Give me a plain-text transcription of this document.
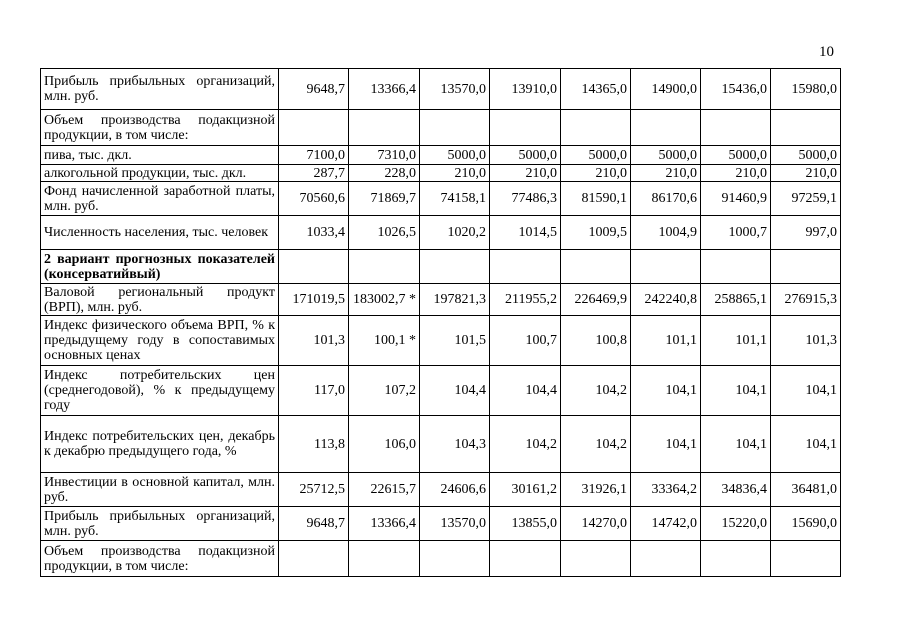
10
Прибыль прибыльных организаций, млн. руб.	9648,7	13366,4	13570,0	13910,0	14365,0	14900,0	15436,0	15980,0
Объем производства подакцизной продукции, в том числе:								
пива, тыс. дкл.	7100,0	7310,0	5000,0	5000,0	5000,0	5000,0	5000,0	5000,0
алкогольной продукции, тыс. дкл.	287,7	228,0	210,0	210,0	210,0	210,0	210,0	210,0
Фонд начисленной заработной платы, млн. руб.	70560,6	71869,7	74158,1	77486,3	81590,1	86170,6	91460,9	97259,1
Численность населения, тыс. человек	1033,4	1026,5	1020,2	1014,5	1009,5	1004,9	1000,7	997,0
2 вариант прогнозных показателей (консерватийвый)								
Валовой региональный продукт (ВРП), млн. руб.	171019,5	183002,7 *	197821,3	211955,2	226469,9	242240,8	258865,1	276915,3
Индекс физического объема ВРП, % к предыдущему году в сопоставимых основных ценах	101,3	100,1 *	101,5	100,7	100,8	101,1	101,1	101,3
Индекс потребительских цен (среднегодовой), % к предыдущему году	117,0	107,2	104,4	104,4	104,2	104,1	104,1	104,1
Индекс потребительских цен, декабрь к декабрю предыдущего года, %	113,8	106,0	104,3	104,2	104,2	104,1	104,1	104,1
Инвестиции в основной капитал, млн. руб.	25712,5	22615,7	24606,6	30161,2	31926,1	33364,2	34836,4	36481,0
Прибыль прибыльных организаций, млн. руб.	9648,7	13366,4	13570,0	13855,0	14270,0	14742,0	15220,0	15690,0
Объем производства подакцизной продукции, в том числе:								
